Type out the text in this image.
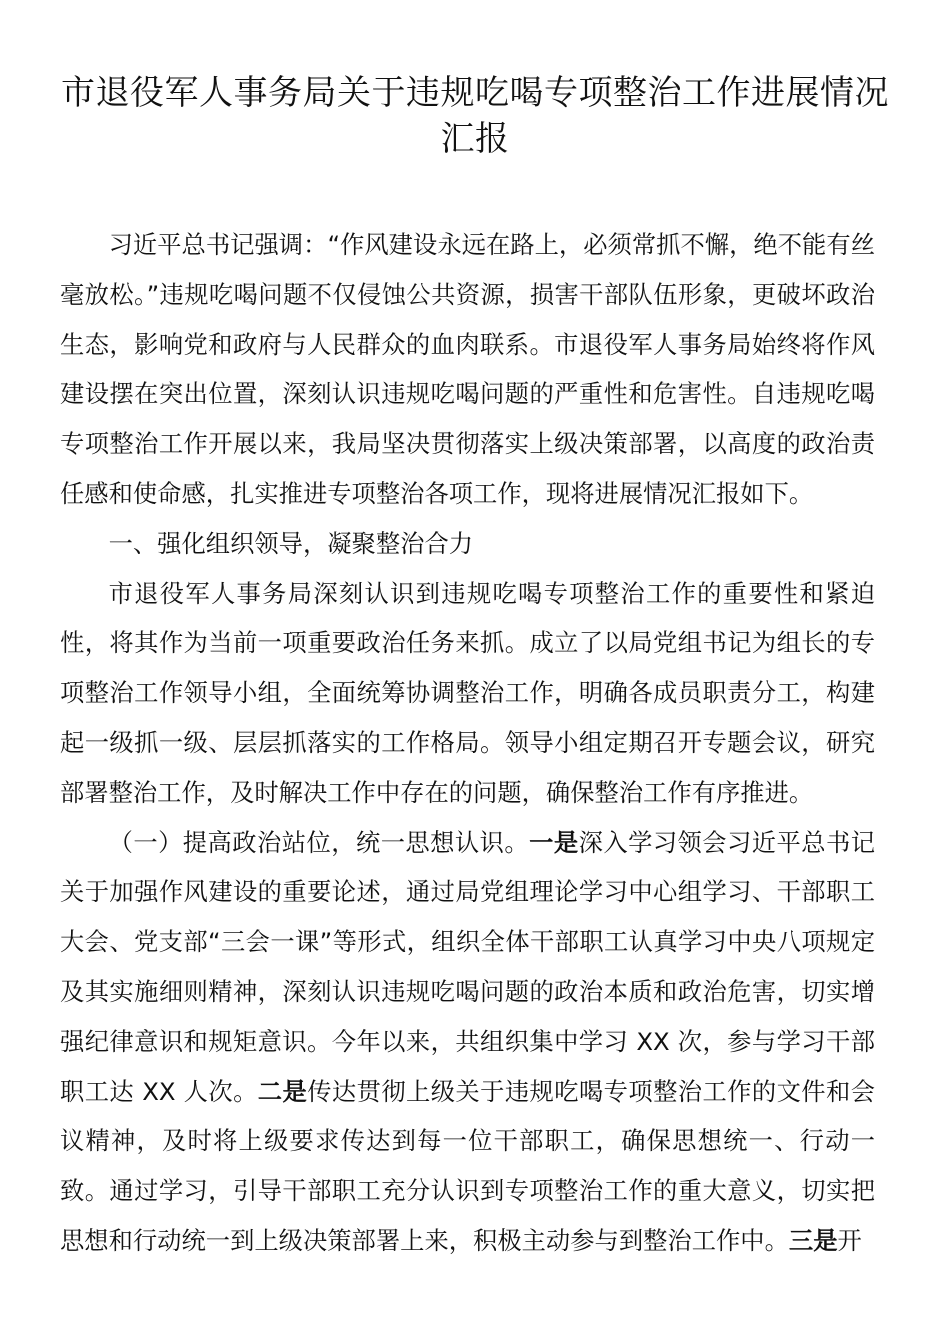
市退役军人事务局关于违规吃喝专项整治工作进展情况汇报

习近平总书记强调：“作风建设永远在路上，必须常抓不懈，绝不能有丝毫放松。”违规吃喝问题不仅侵蚀公共资源，损害干部队伍形象，更破坏政治生态，影响党和政府与人民群众的血肉联系。市退役军人事务局始终将作风建设摆在突出位置，深刻认识违规吃喝问题的严重性和危害性。自违规吃喝专项整治工作开展以来，我局坚决贯彻落实上级决策部署，以高度的政治责任感和使命感，扎实推进专项整治各项工作，现将进展情况汇报如下。

一、强化组织领导，凝聚整治合力

市退役军人事务局深刻认识到违规吃喝专项整治工作的重要性和紧迫性，将其作为当前一项重要政治任务来抓。成立了以局党组书记为组长的专项整治工作领导小组，全面统筹协调整治工作，明确各成员职责分工，构建起一级抓一级、层层抓落实的工作格局。领导小组定期召开专题会议，研究部署整治工作，及时解决工作中存在的问题，确保整治工作有序推进。

（一）提高政治站位，统一思想认识。一是深入学习领会习近平总书记关于加强作风建设的重要论述，通过局党组理论学习中心组学习、干部职工大会、党支部“三会一课”等形式，组织全体干部职工认真学习中央八项规定及其实施细则精神，深刻认识违规吃喝问题的政治本质和政治危害，切实增强纪律意识和规矩意识。今年以来，共组织集中学习 XX 次，参与学习干部职工达 XX 人次。二是传达贯彻上级关于违规吃喝专项整治工作的文件和会议精神，及时将上级要求传达到每一位干部职工，确保思想统一、行动一致。通过学习，引导干部职工充分认识到专项整治工作的重大意义，切实把思想和行动统一到上级决策部署上来，积极主动参与到整治工作中。三是开
